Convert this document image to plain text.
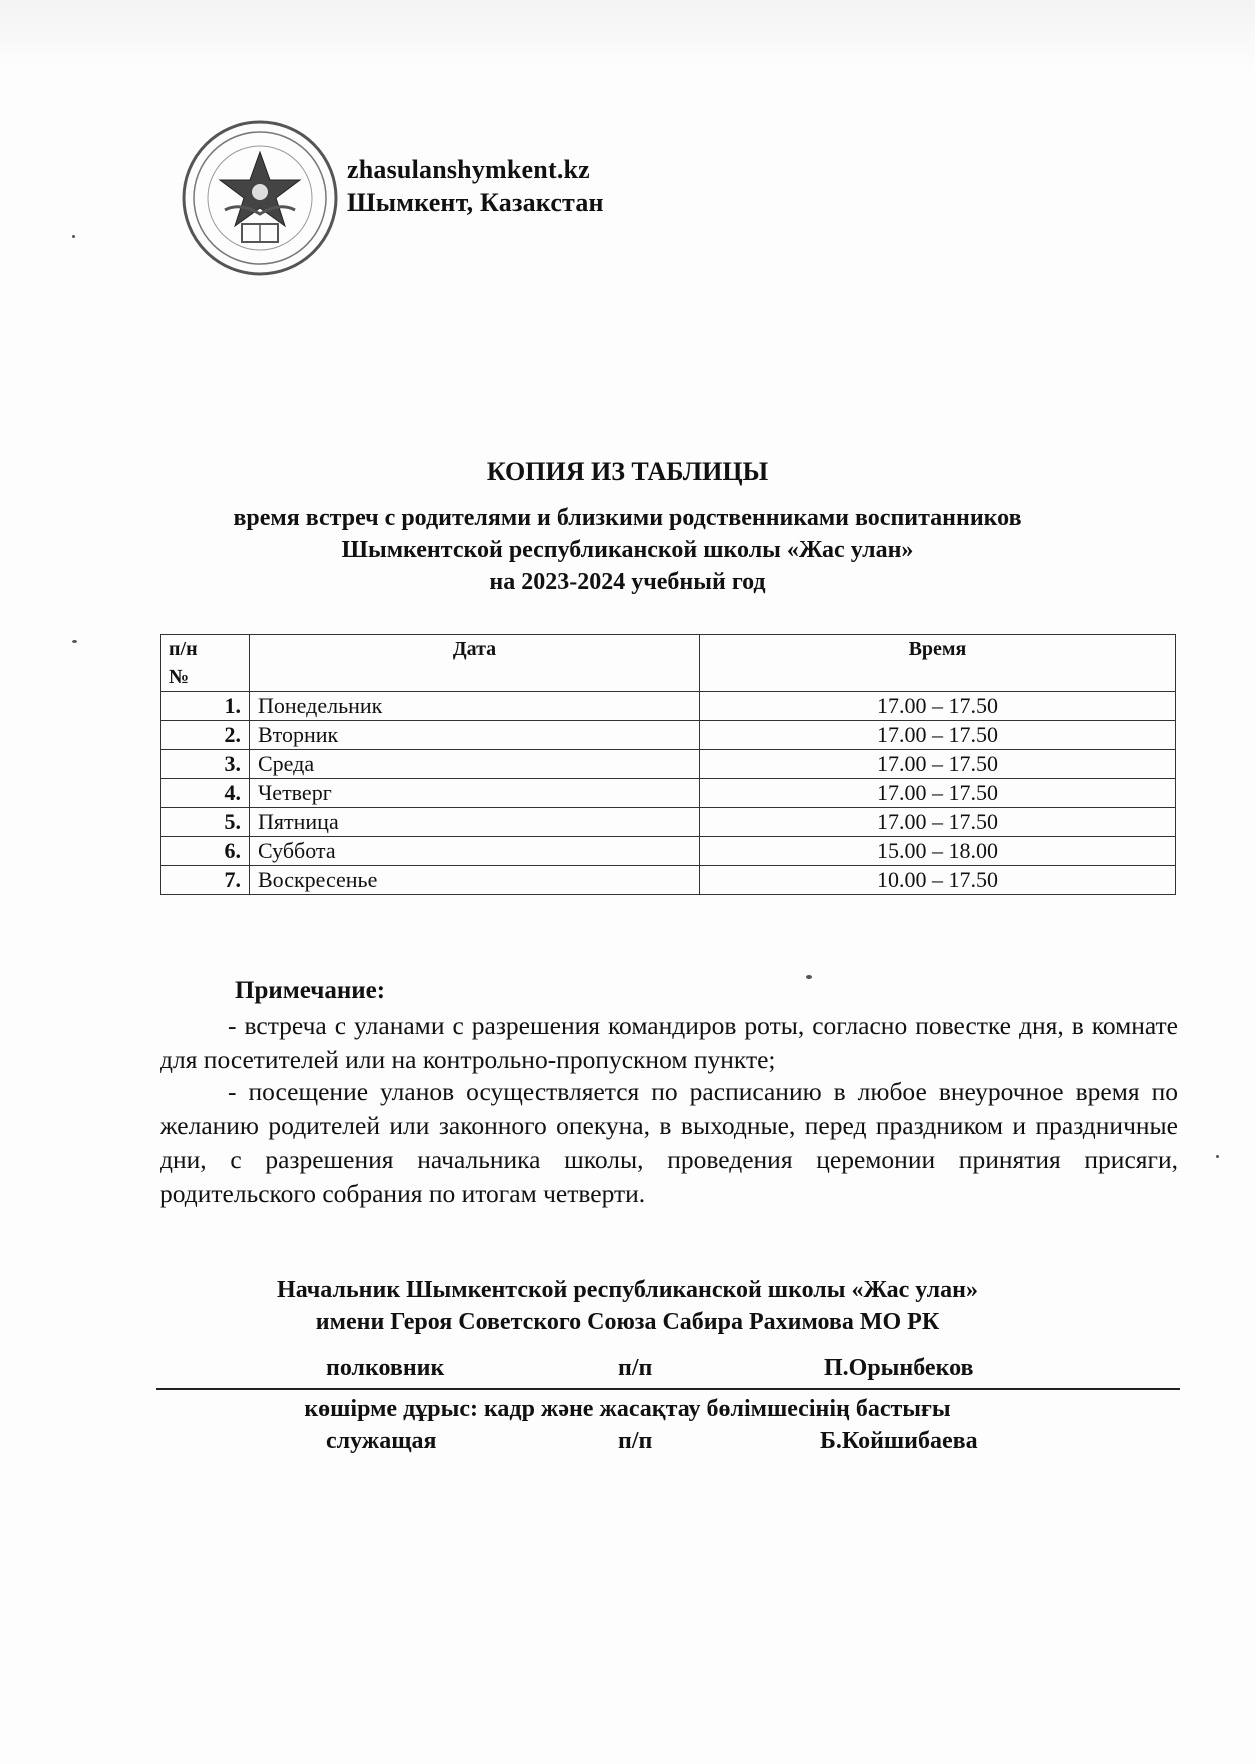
zhasulanshymkent.kz
Шымкент, Казакстан
КОПИЯ ИЗ ТАБЛИЦЫ
время встреч с родителями и близкими родственниками воспитанников
Шымкентской республиканской школы «Жас улан»
на 2023-2024 учебный год
п/н
№	Дата	Время
1.	Понедельник	17.00 – 17.50
2.	Вторник	17.00 – 17.50
3.	Среда	17.00 – 17.50
4.	Четверг	17.00 – 17.50
5.	Пятница	17.00 – 17.50
6.	Суббота	15.00 – 18.00
7.	Воскресенье	10.00 – 17.50
Примечание:

- встреча с уланами с разрешения командиров роты, согласно повестке дня, в комнате для посетителей или на контрольно-пропускном пункте;

- посещение уланов осуществляется по расписанию в любое внеурочное время по желанию родителей или законного опекуна, в выходные, перед праздником и праздничные дни, с разрешения начальника школы, проведения церемонии принятия присяги, родительского собрания по итогам четверти.

Начальник Шымкентской республиканской школы «Жас улан»
имени Героя Советского Союза Сабира Рахимова МО РК
полковник	п/п	П.Орынбеков
көшірме дұрыс: кадр және жасақтау бөлімшесінің бастығы
служащая	п/п	Б.Койшибаева
